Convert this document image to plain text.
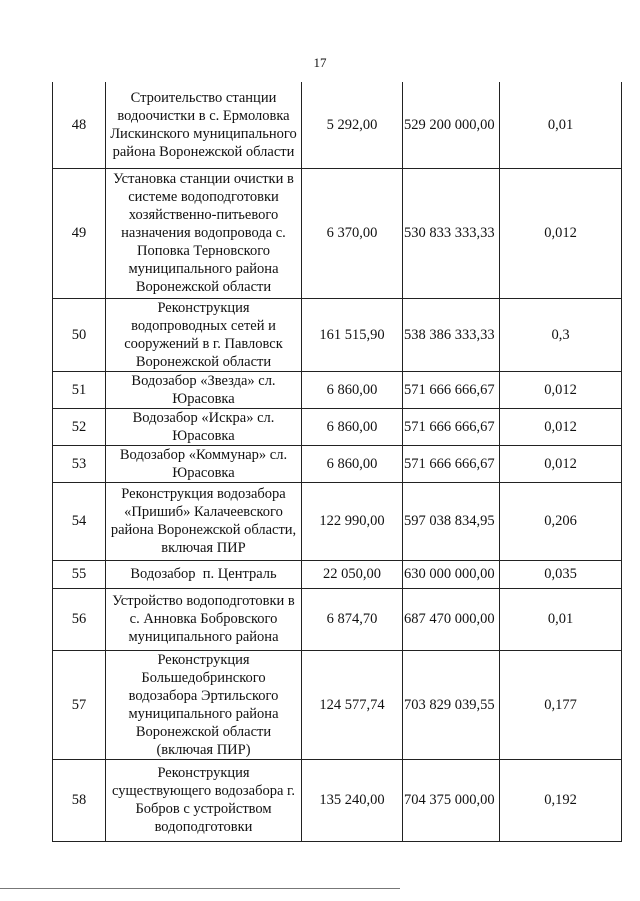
17
48	Строительство станции водоочистки в с. Ермоловка Лискинского муниципального района Воронежской области	5 292,00	529 200 000,00	0,01
49	Установка станции очистки в системе водоподготовки хозяйственно-питьевого назначения водопровода с. Поповка Терновского муниципального района Воронежской области	6 370,00	530 833 333,33	0,012
50	Реконструкция водопроводных сетей и сооружений в г. Павловск Воронежской области	161 515,90	538 386 333,33	0,3
51	Водозабор «Звезда» сл. Юрасовка	6 860,00	571 666 666,67	0,012
52	Водозабор «Искра» сл. Юрасовка	6 860,00	571 666 666,67	0,012
53	Водозабор «Коммунар» сл. Юрасовка	6 860,00	571 666 666,67	0,012
54	Реконструкция водозабора «Пришиб» Калачеевского района Воронежской области, включая ПИР	122 990,00	597 038 834,95	0,206
55	Водозабор  п. Централь	22 050,00	630 000 000,00	0,035
56	Устройство водоподготовки в с. Анновка Бобровского муниципального района	6 874,70	687 470 000,00	0,01
57	Реконструкция Большедобринского водозабора Эртильского муниципального района Воронежской области (включая ПИР)	124 577,74	703 829 039,55	0,177
58	Реконструкция существующего водозабора г. Бобров с устройством водоподготовки	135 240,00	704 375 000,00	0,192
